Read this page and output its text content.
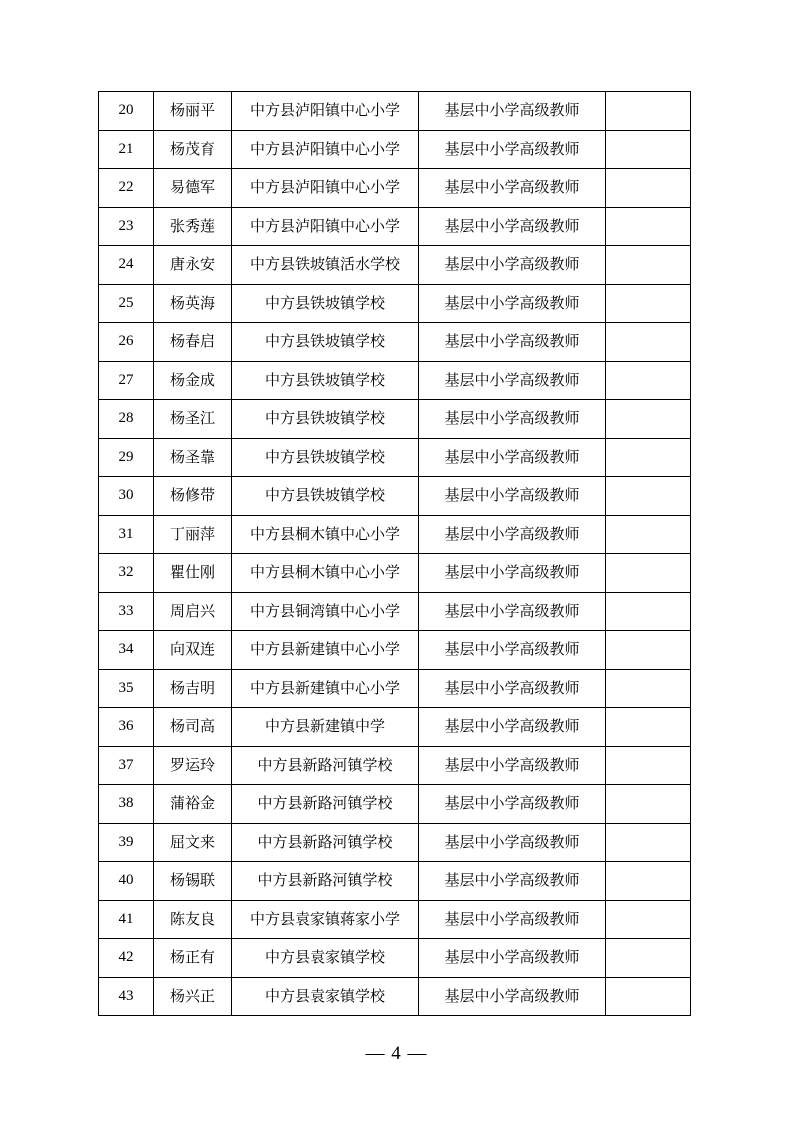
20	杨丽平	中方县泸阳镇中心小学	基层中小学高级教师	
21	杨茂育	中方县泸阳镇中心小学	基层中小学高级教师	
22	易德军	中方县泸阳镇中心小学	基层中小学高级教师	
23	张秀莲	中方县泸阳镇中心小学	基层中小学高级教师	
24	唐永安	中方县铁坡镇活水学校	基层中小学高级教师	
25	杨英海	中方县铁坡镇学校	基层中小学高级教师	
26	杨春启	中方县铁坡镇学校	基层中小学高级教师	
27	杨金成	中方县铁坡镇学校	基层中小学高级教师	
28	杨圣江	中方县铁坡镇学校	基层中小学高级教师	
29	杨圣靠	中方县铁坡镇学校	基层中小学高级教师	
30	杨修带	中方县铁坡镇学校	基层中小学高级教师	
31	丁丽萍	中方县桐木镇中心小学	基层中小学高级教师	
32	瞿仕刚	中方县桐木镇中心小学	基层中小学高级教师	
33	周启兴	中方县铜湾镇中心小学	基层中小学高级教师	
34	向双连	中方县新建镇中心小学	基层中小学高级教师	
35	杨吉明	中方县新建镇中心小学	基层中小学高级教师	
36	杨司高	中方县新建镇中学	基层中小学高级教师	
37	罗运玲	中方县新路河镇学校	基层中小学高级教师	
38	蒲裕金	中方县新路河镇学校	基层中小学高级教师	
39	屈文来	中方县新路河镇学校	基层中小学高级教师	
40	杨锡联	中方县新路河镇学校	基层中小学高级教师	
41	陈友良	中方县袁家镇蒋家小学	基层中小学高级教师	
42	杨正有	中方县袁家镇学校	基层中小学高级教师	
43	杨兴正	中方县袁家镇学校	基层中小学高级教师	
— 4 —
